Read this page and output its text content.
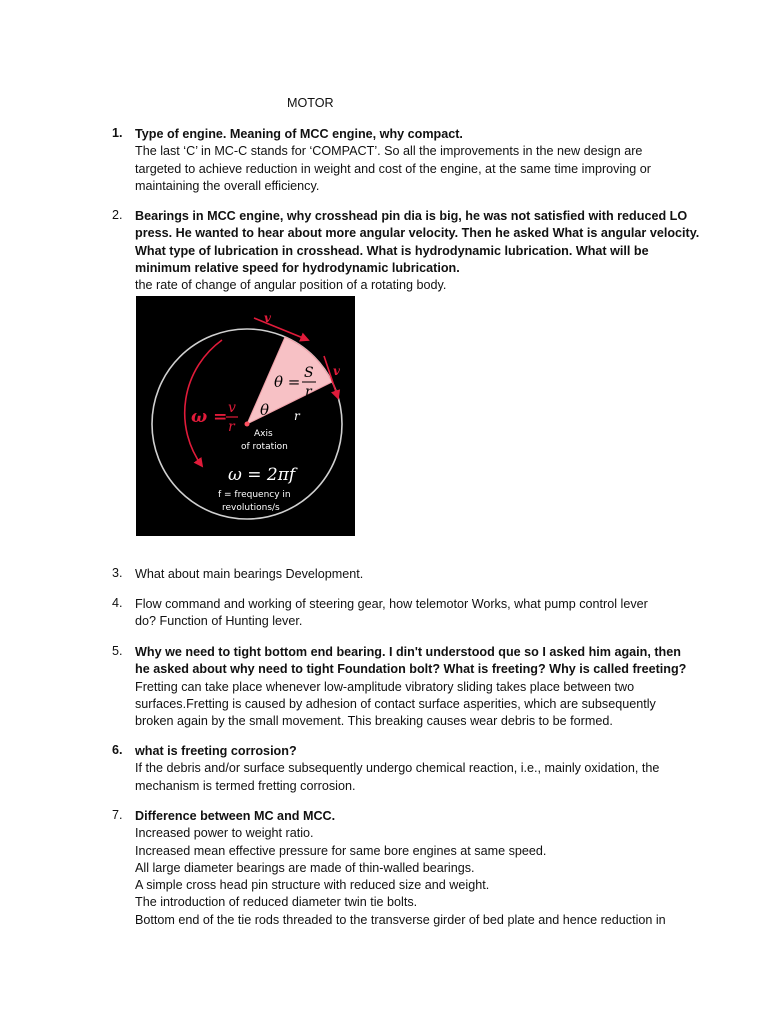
MOTOR
1. Type of engine. Meaning of MCC engine, why compact.
The last ‘C’ in MC-C stands for ‘COMPACT’. So all the improvements in the new design are
targeted to achieve reduction in weight and cost of the engine, at the same time improving or
maintaining the overall efficiency.
2. Bearings in MCC engine, why crosshead pin dia is big, he was not satisfied with reduced LO
press. He wanted to hear about more angular velocity. Then he asked What is angular velocity.
What type of lubrication in crosshead. What is hydrodynamic lubrication. What will be
minimum relative speed for hydrodynamic lubrication.
the rate of change of angular position of a rotating body.
v
v
θ = S
r
θ r
ω = v
r Axis
of rotation
ω = 2πf
f = frequency in
revolutions/s
3. What about main bearings Development.
4. Flow command and working of steering gear, how telemotor Works, what pump control lever
do? Function of Hunting lever.
5. Why we need to tight bottom end bearing. I din't understood que so I asked him again, then
he asked about why need to tight Foundation bolt? What is freeting? Why is called freeting?
Fretting can take place whenever low-amplitude vibratory sliding takes place between two
surfaces.Fretting is caused by adhesion of contact surface asperities, which are subsequently
broken again by the small movement. This breaking causes wear debris to be formed.
6. what is freeting corrosion?
If the debris and/or surface subsequently undergo chemical reaction, i.e., mainly oxidation, the
mechanism is termed fretting corrosion.
7. Difference between MC and MCC.
Increased power to weight ratio.
Increased mean effective pressure for same bore engines at same speed.
All large diameter bearings are made of thin-walled bearings.
A simple cross head pin structure with reduced size and weight.
The introduction of reduced diameter twin tie bolts.
Bottom end of the tie rods threaded to the transverse girder of bed plate and hence reduction in
